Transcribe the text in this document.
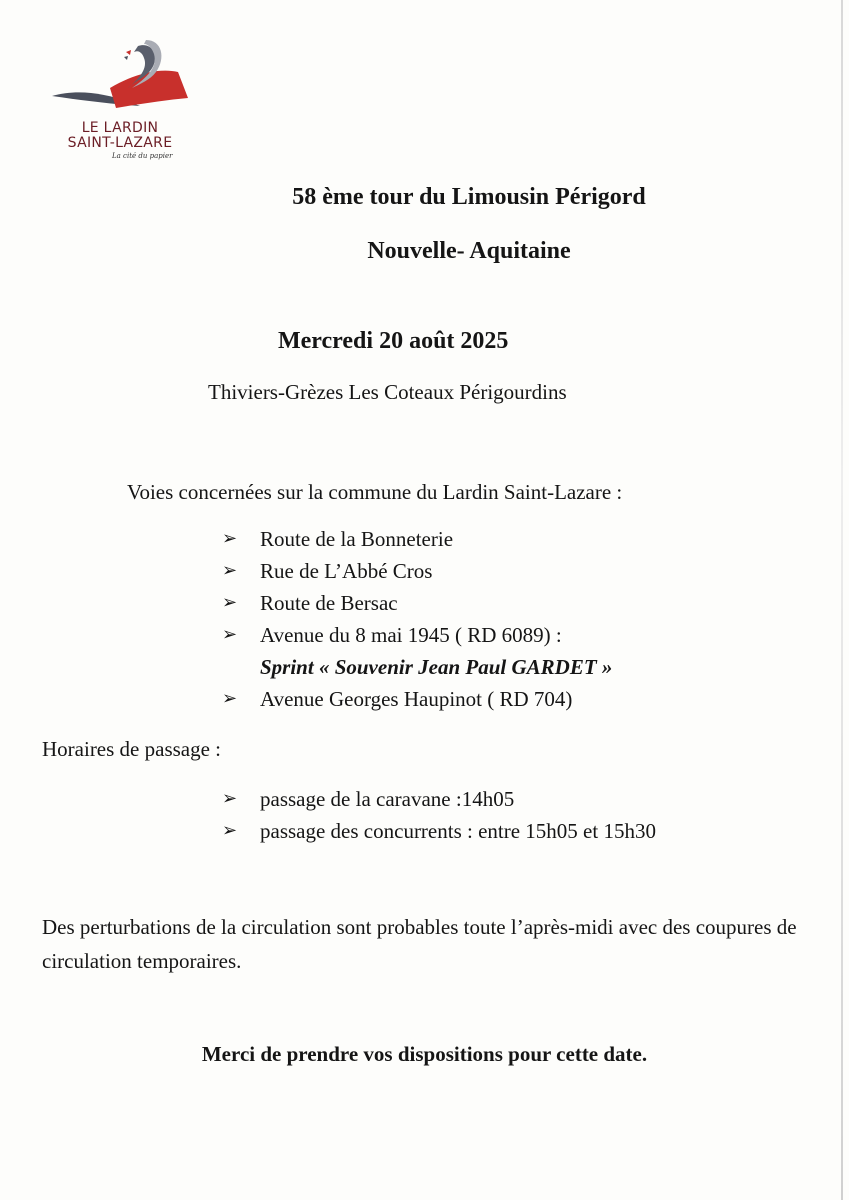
LE LARDIN
SAINT-LAZARE
La cité du papier
58 ème tour du Limousin Périgord
Nouvelle- Aquitaine
Mercredi 20 août 2025
Thiviers-Grèzes Les Coteaux Périgourdins
Voies concernées sur la commune du Lardin Saint-Lazare :
➢ Route de la Bonneterie
➢ Rue de L’Abbé Cros
➢ Route de Bersac
➢ Avenue du 8 mai 1945 ( RD 6089) :
Sprint « Souvenir Jean Paul GARDET »
➢ Avenue Georges Haupinot ( RD 704)
Horaires de passage :
➢ passage de la caravane :14h05
➢ passage des concurrents : entre 15h05 et 15h30
Des perturbations de la circulation sont probables toute l’après-midi avec des coupures de circulation temporaires.
Merci de prendre vos dispositions pour cette date.
